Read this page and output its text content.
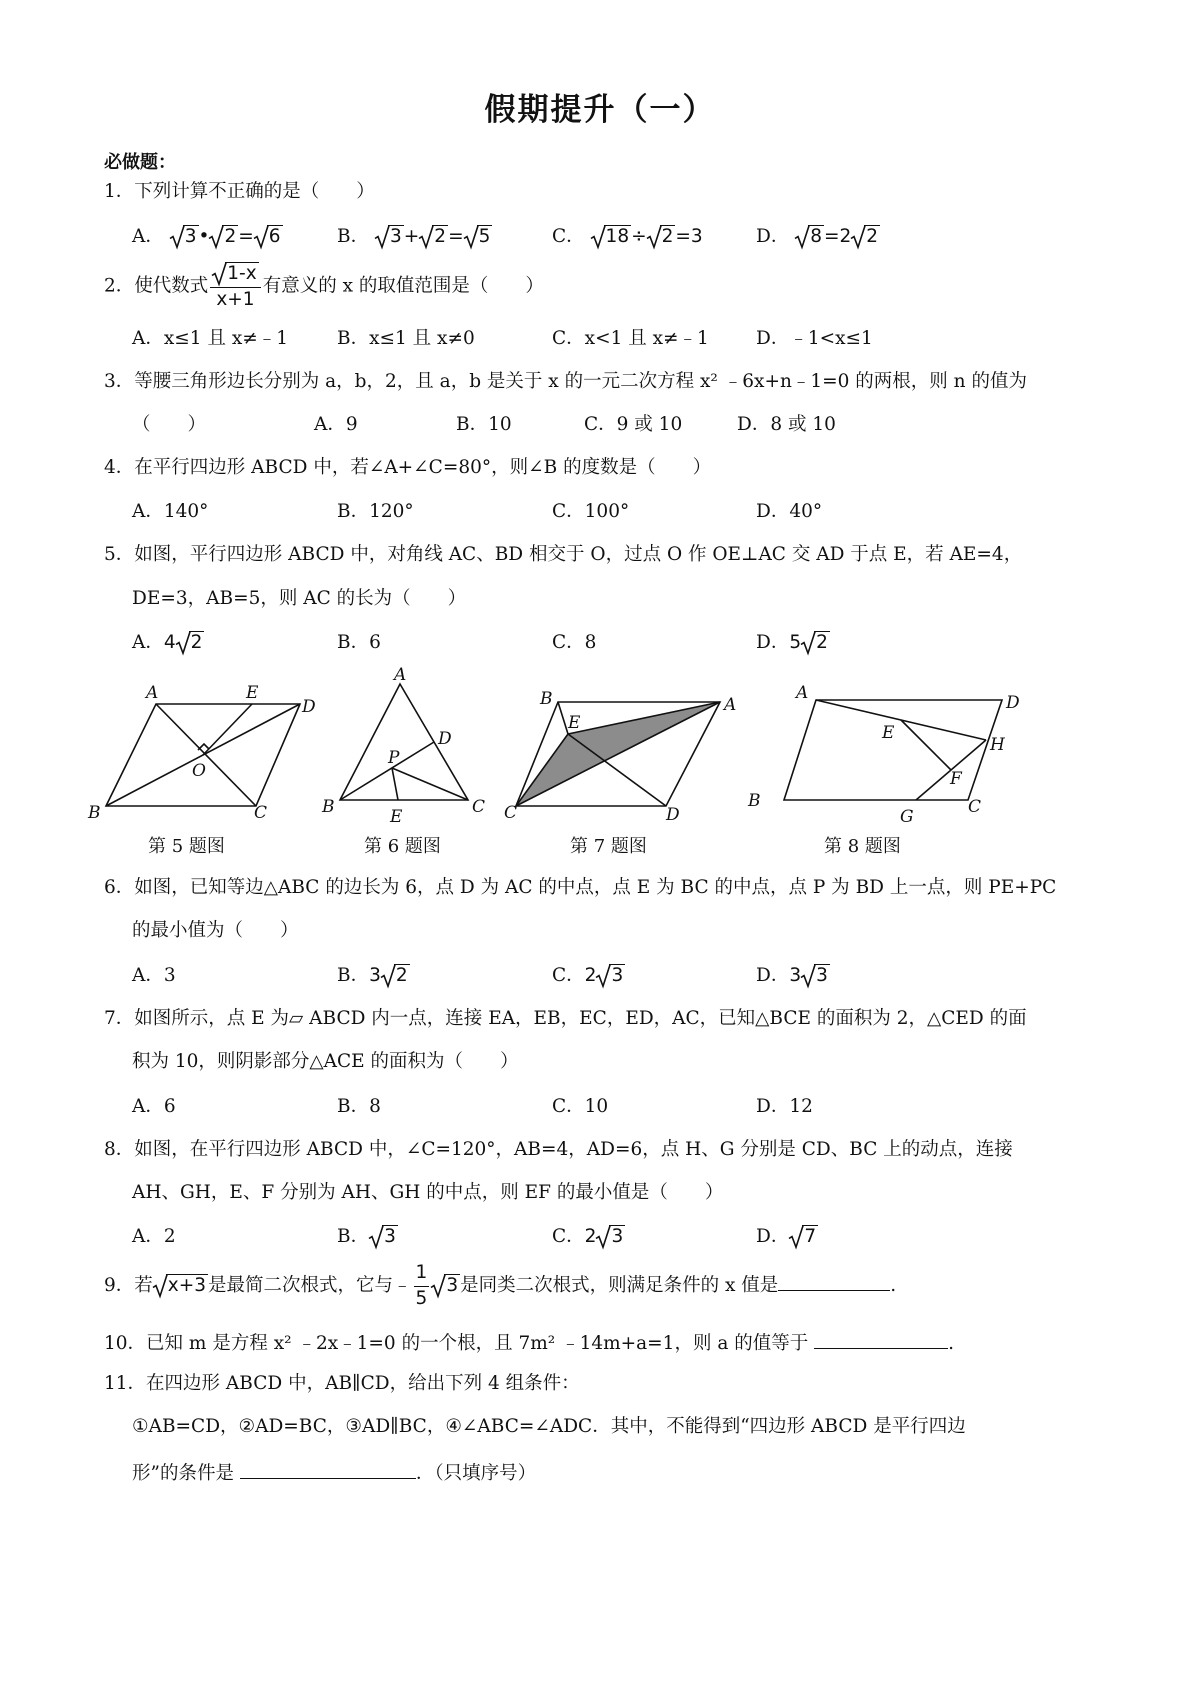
假期提升（一）
必做题：
1．下列计算不正确的是（　　）
A． 3 • 2 = 6	B． 3 + 2 = 5	C． 18 ÷ 2 =3	D． 8 =2 2
2．使代数式 $\frac{1-x}{x+1}$ 有意义的 x 的取值范围是（　　）
A．x≤1 且 x≠﹣1	B．x≤1 且 x≠0	C．x<1 且 x≠﹣1	D．﹣1<x≤1
3．等腰三角形边长分别为 a，b，2，且 a，b 是关于 x 的一元二次方程 x² ﹣6x+n﹣1=0 的两根，则 n 的值为
（　　）	A．9	B．10	C．9 或 10	D．8 或 10
4．在平行四边形 ABCD 中，若∠A+∠C=80°，则∠B 的度数是（　　）
A．140°	B．120°	C．100°	D．40°
5．如图，平行四边形 ABCD 中，对角线 AC、BD 相交于 O，过点 O 作 OE⊥AC 交 AD 于点 E，若 AE=4，
DE=3，AB=5，则 AC 的长为（　　）
A．4 2	B．6	C．8	D．5 2
A	E
D
O
B	C
A
D
P
B	E	C
B
E
A
C	D
A	D
E
H
F
B
G	C
第 5 题图	第 6 题图	第 7 题图	第 8 题图
6．如图，已知等边△ABC 的边长为 6，点 D 为 AC 的中点，点 E 为 BC 的中点，点 P 为 BD 上一点，则 PE+PC
的最小值为（　　）
A．3	B．3 2	C．2 3	D．3 3
7．如图所示，点 E 为▱ ABCD 内一点，连接 EA，EB，EC，ED，AC，已知△BCE 的面积为 2，△CED 的面
积为 10，则阴影部分△ACE 的面积为（　　）
A．6	B．8	C．10	D．12
8．如图，在平行四边形 ABCD 中，∠C=120°，AB=4，AD=6，点 H、G 分别是 CD、BC 上的动点，连接
AH、GH，E、F 分别为 AH、GH 的中点，则 EF 的最小值是（　　）
A．2	B． 3	C．2 3	D． 7
9．若 x+3 是最简二次根式，它与﹣ $\frac{1}{5} 3$ 是同类二次根式，则满足条件的 x 值是	.
10．已知 m 是方程 x² ﹣2x﹣1=0 的一个根，且 7m² ﹣14m+a=1，则 a 的值等于	.
11．在四边形 ABCD 中，AB∥CD，给出下列 4 组条件：
①AB=CD，②AD=BC，③AD∥BC，④∠ABC=∠ADC．其中，不能得到“四边形 ABCD 是平行四边
形”的条件是	．（只填序号）
